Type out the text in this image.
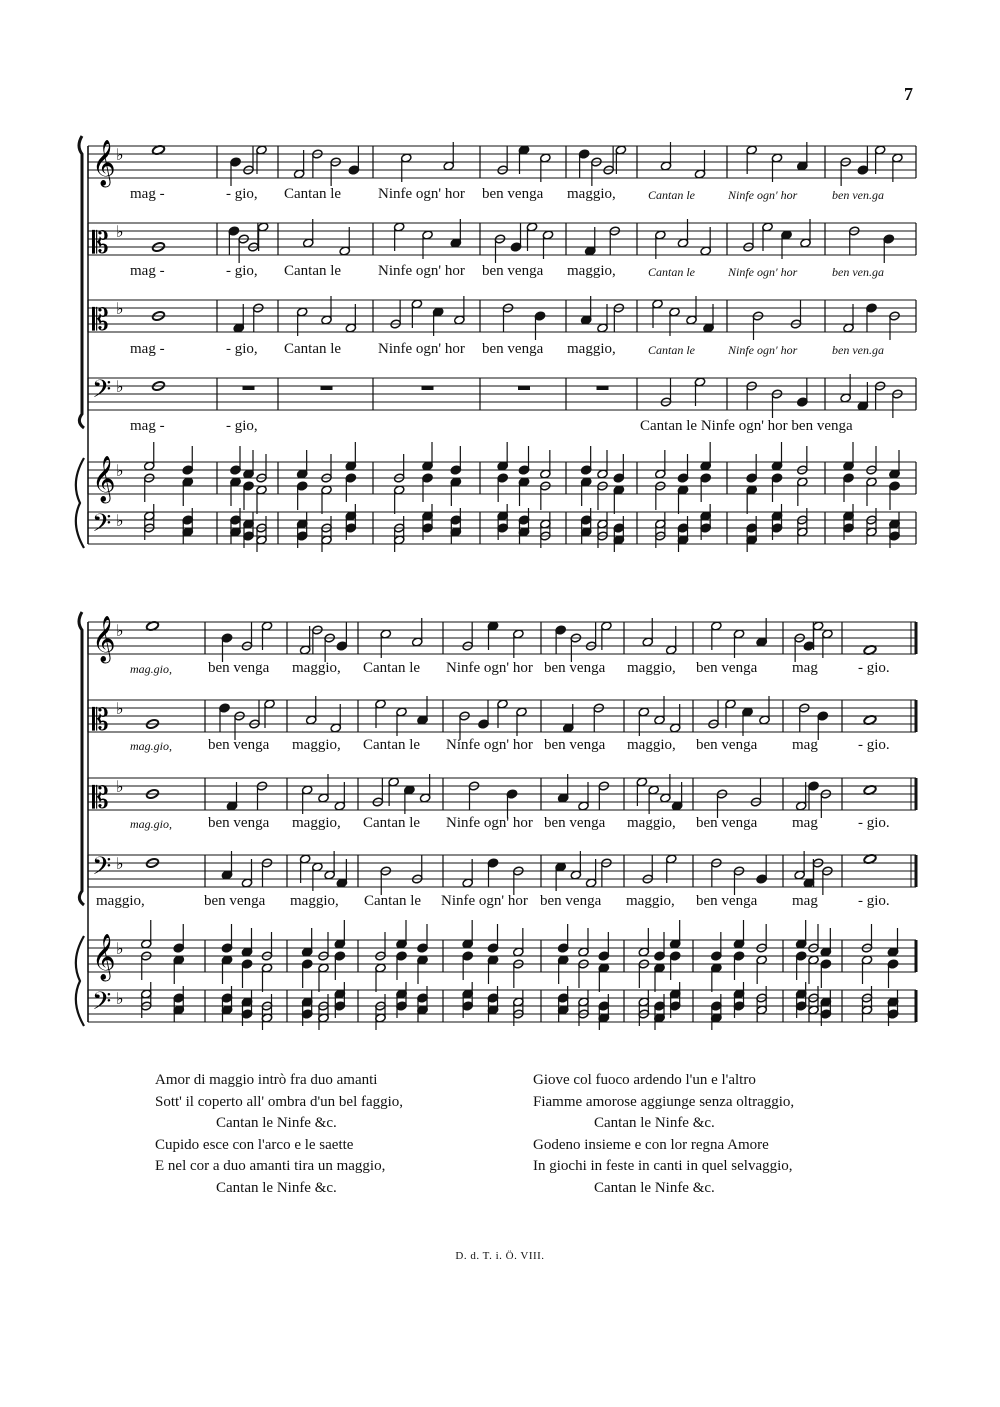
7
𝄞 ♭
𝄡 ♭
𝄡 ♭
𝄢 ♭
𝄞 ♭
𝄢 ♭
mag -	- gio, Cantan le Ninfe ogn' hor ben venga maggio,	Cantan le	Ninfe ogn' hor	ben ven.ga
mag -	- gio, Cantan le Ninfe ogn' hor ben venga maggio,	Cantan le	Ninfe ogn' hor	ben ven.ga
mag -	- gio, Cantan le Ninfe ogn' hor ben venga maggio,	Cantan le	Ninfe ogn' hor	ben ven.ga
mag -	- gio,	Cantan le Ninfe ogn' hor ben venga
𝄞 ♭
𝄡 ♭
𝄡 ♭
𝄢 ♭
𝄞 ♭
𝄢 ♭
mag.gio, ben venga maggio, Cantan le Ninfe ogn' hor ben venga maggio, ben venga mag	- gio.
mag.gio, ben venga maggio, Cantan le Ninfe ogn' hor ben venga maggio, ben venga mag	- gio.
mag.gio, ben venga maggio, Cantan le Ninfe ogn' hor ben venga maggio, ben venga mag	- gio.
maggio,	ben venga maggio, Cantan le Ninfe ogn' hor ben venga maggio, ben venga mag	- gio.
Amor di maggio intrò fra duo amanti
Sott' il coperto all' ombra d'un bel faggio,
Cantan le Ninfe &c.
Cupido esce con l'arco e le saette
E nel cor a duo amanti tira un maggio,
Cantan le Ninfe &c.
Giove col fuoco ardendo l'un e l'altro
Fiamme amorose aggiunge senza oltraggio,
Cantan le Ninfe &c.
Godeno insieme e con lor regna Amore
In giochi in feste in canti in quel selvaggio,
Cantan le Ninfe &c.
D. d. T. i. Ö. VIII.
